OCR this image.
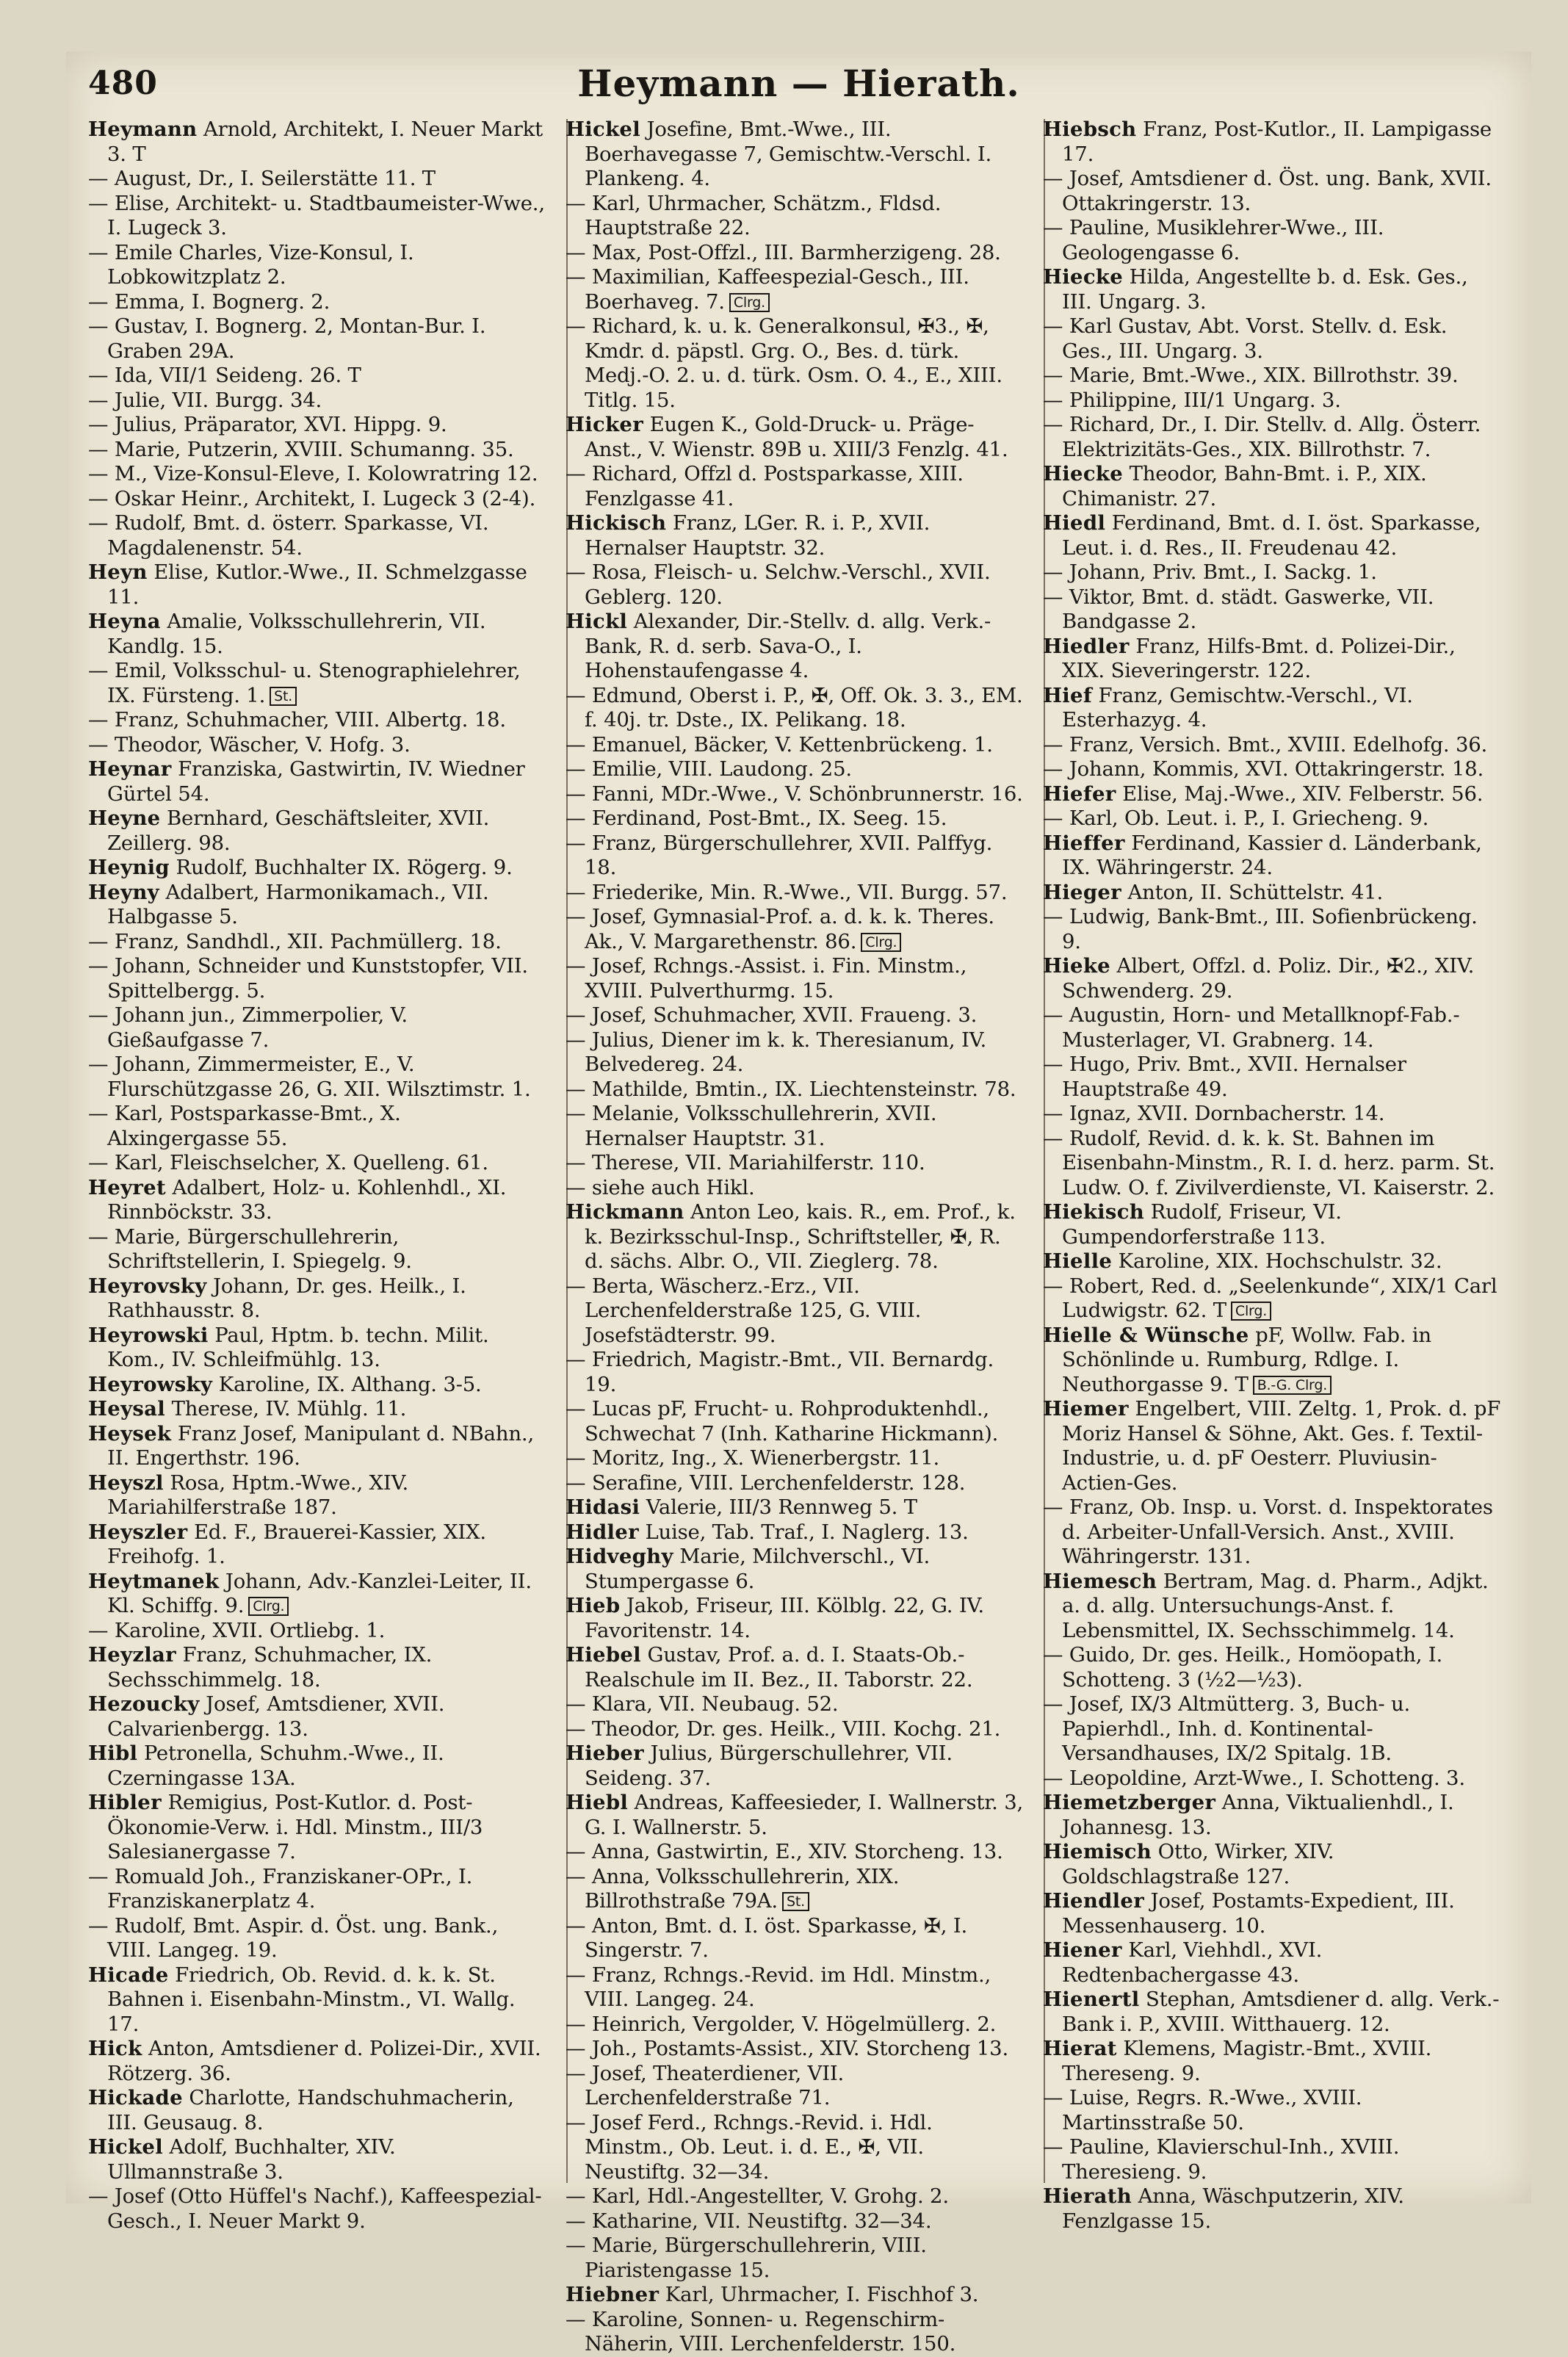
480	Heymann — Hierath.
Heymann Arnold, Architekt, I. Neuer Markt 3. T
— August, Dr., I. Seilerstätte 11. T
— Elise, Architekt- u. Stadtbaumeister-Wwe., I. Lugeck 3.
— Emile Charles, Vize-Konsul, I. Lobkowitzplatz 2.
— Emma, I. Bognerg. 2.
— Gustav, I. Bognerg. 2, Montan-Bur. I. Graben 29A.
— Ida, VII/1 Seideng. 26. T
— Julie, VII. Burgg. 34.
— Julius, Präparator, XVI. Hippg. 9.
— Marie, Putzerin, XVIII. Schumanng. 35.
— M., Vize-Konsul-Eleve, I. Kolowratring 12.
— Oskar Heinr., Architekt, I. Lugeck 3 (2-4).
— Rudolf, Bmt. d. österr. Sparkasse, VI. Magdalenenstr. 54.
Heyn Elise, Kutlor.-Wwe., II. Schmelzgasse 11.
Heyna Amalie, Volksschullehrerin, VII. Kandlg. 15.
— Emil, Volksschul- u. Stenographielehrer, IX. Fürsteng. 1. St.
— Franz, Schuhmacher, VIII. Albertg. 18.
— Theodor, Wäscher, V. Hofg. 3.
Heynar Franziska, Gastwirtin, IV. Wiedner Gürtel 54.
Heyne Bernhard, Geschäftsleiter, XVII. Zeillerg. 98.
Heynig Rudolf, Buchhalter IX. Rögerg. 9.
Heyny Adalbert, Harmonikamach., VII. Halbgasse 5.
— Franz, Sandhdl., XII. Pachmüllerg. 18.
— Johann, Schneider und Kunststopfer, VII. Spittelbergg. 5.
— Johann jun., Zimmerpolier, V. Gießaufgasse 7.
— Johann, Zimmermeister, E., V. Flurschützgasse 26, G. XII. Wilsztimstr. 1.
— Karl, Postsparkasse-Bmt., X. Alxingergasse 55.
— Karl, Fleischselcher, X. Quelleng. 61.
Heyret Adalbert, Holz- u. Kohlenhdl., XI. Rinnböckstr. 33.
— Marie, Bürgerschullehrerin, Schriftstellerin, I. Spiegelg. 9.
Heyrovsky Johann, Dr. ges. Heilk., I. Rathhausstr. 8.
Heyrowski Paul, Hptm. b. techn. Milit. Kom., IV. Schleifmühlg. 13.
Heyrowsky Karoline, IX. Althang. 3-5.
Heysal Therese, IV. Mühlg. 11.
Heysek Franz Josef, Manipulant d. NBahn., II. Engerthstr. 196.
Heyszl Rosa, Hptm.-Wwe., XIV. Mariahilferstraße 187.
Heyszler Ed. F., Brauerei-Kassier, XIX. Freihofg. 1.
Heytmanek Johann, Adv.-Kanzlei-Leiter, II. Kl. Schiffg. 9. Clrg.
— Karoline, XVII. Ortliebg. 1.
Heyzlar Franz, Schuhmacher, IX. Sechsschimmelg. 18.
Hezoucky Josef, Amtsdiener, XVII. Calvarienbergg. 13.
Hibl Petronella, Schuhm.-Wwe., II. Czerningasse 13A.
Hibler Remigius, Post-Kutlor. d. Post-Ökonomie-Verw. i. Hdl. Minstm., III/3 Salesianergasse 7.
— Romuald Joh., Franziskaner-OPr., I. Franziskanerplatz 4.
— Rudolf, Bmt. Aspir. d. Öst. ung. Bank., VIII. Langeg. 19.
Hicade Friedrich, Ob. Revid. d. k. k. St. Bahnen i. Eisenbahn-Minstm., VI. Wallg. 17.
Hick Anton, Amtsdiener d. Polizei-Dir., XVII. Rötzerg. 36.
Hickade Charlotte, Handschuhmacherin, III. Geusaug. 8.
Hickel Adolf, Buchhalter, XIV. Ullmannstraße 3.
— Josef (Otto Hüffel's Nachf.), Kaffeespezial-Gesch., I. Neuer Markt 9.
Hickel Josefine, Bmt.-Wwe., III. Boerhavegasse 7, Gemischtw.-Verschl. I. Plankeng. 4.
— Karl, Uhrmacher, Schätzm., Fldsd. Hauptstraße 22.
— Max, Post-Offzl., III. Barmherzigeng. 28.
— Maximilian, Kaffeespezial-Gesch., III. Boerhaveg. 7. Clrg.
— Richard, k. u. k. Generalkonsul, ✠3., ✠, Kmdr. d. päpstl. Grg. O., Bes. d. türk. Medj.-O. 2. u. d. türk. Osm. O. 4., E., XIII. Titlg. 15.
Hicker Eugen K., Gold-Druck- u. Präge-Anst., V. Wienstr. 89B u. XIII/3 Fenzlg. 41.
— Richard, Offzl d. Postsparkasse, XIII. Fenzlgasse 41.
Hickisch Franz, LGer. R. i. P., XVII. Hernalser Hauptstr. 32.
— Rosa, Fleisch- u. Selchw.-Verschl., XVII. Geblerg. 120.
Hickl Alexander, Dir.-Stellv. d. allg. Verk.-Bank, R. d. serb. Sava-O., I. Hohenstaufengasse 4.
— Edmund, Oberst i. P., ✠, Off. Ok. 3. 3., EM. f. 40j. tr. Dste., IX. Pelikang. 18.
— Emanuel, Bäcker, V. Kettenbrückeng. 1.
— Emilie, VIII. Laudong. 25.
— Fanni, MDr.-Wwe., V. Schönbrunnerstr. 16.
— Ferdinand, Post-Bmt., IX. Seeg. 15.
— Franz, Bürgerschullehrer, XVII. Palffyg. 18.
— Friederike, Min. R.-Wwe., VII. Burgg. 57.
— Josef, Gymnasial-Prof. a. d. k. k. Theres. Ak., V. Margarethenstr. 86. Clrg.
— Josef, Rchngs.-Assist. i. Fin. Minstm., XVIII. Pulverthurmg. 15.
— Josef, Schuhmacher, XVII. Fraueng. 3.
— Julius, Diener im k. k. Theresianum, IV. Belvedereg. 24.
— Mathilde, Bmtin., IX. Liechtensteinstr. 78.
— Melanie, Volksschullehrerin, XVII. Hernalser Hauptstr. 31.
— Therese, VII. Mariahilferstr. 110.
— siehe auch Hikl.
Hickmann Anton Leo, kais. R., em. Prof., k. k. Bezirksschul-Insp., Schriftsteller, ✠, R. d. sächs. Albr. O., VII. Zieglerg. 78.
— Berta, Wäscherz.-Erz., VII. Lerchenfelderstraße 125, G. VIII. Josefstädterstr. 99.
— Friedrich, Magistr.-Bmt., VII. Bernardg. 19.
— Lucas pF, Frucht- u. Rohproduktenhdl., Schwechat 7 (Inh. Katharine Hickmann).
— Moritz, Ing., X. Wienerbergstr. 11.
— Serafine, VIII. Lerchenfelderstr. 128.
Hidasi Valerie, III/3 Rennweg 5. T
Hidler Luise, Tab. Traf., I. Naglerg. 13.
Hidveghy Marie, Milchverschl., VI. Stumpergasse 6.
Hieb Jakob, Friseur, III. Kölblg. 22, G. IV. Favoritenstr. 14.
Hiebel Gustav, Prof. a. d. I. Staats-Ob.-Realschule im II. Bez., II. Taborstr. 22.
— Klara, VII. Neubaug. 52.
— Theodor, Dr. ges. Heilk., VIII. Kochg. 21.
Hieber Julius, Bürgerschullehrer, VII. Seideng. 37.
Hiebl Andreas, Kaffeesieder, I. Wallnerstr. 3, G. I. Wallnerstr. 5.
— Anna, Gastwirtin, E., XIV. Storcheng. 13.
— Anna, Volksschullehrerin, XIX. Billrothstraße 79A. St.
— Anton, Bmt. d. I. öst. Sparkasse, ✠, I. Singerstr. 7.
— Franz, Rchngs.-Revid. im Hdl. Minstm., VIII. Langeg. 24.
— Heinrich, Vergolder, V. Högelmüllerg. 2.
— Joh., Postamts-Assist., XIV. Storcheng 13.
— Josef, Theaterdiener, VII. Lerchenfelderstraße 71.
— Josef Ferd., Rchngs.-Revid. i. Hdl. Minstm., Ob. Leut. i. d. E., ✠, VII. Neustiftg. 32—34.
— Karl, Hdl.-Angestellter, V. Grohg. 2.
— Katharine, VII. Neustiftg. 32—34.
— Marie, Bürgerschullehrerin, VIII. Piaristengasse 15.
Hiebner Karl, Uhrmacher, I. Fischhof 3.
— Karoline, Sonnen- u. Regenschirm-Näherin, VIII. Lerchenfelderstr. 150.
Hiebsch Franz, Post-Kutlor., II. Lampigasse 17.
— Josef, Amtsdiener d. Öst. ung. Bank, XVII. Ottakringerstr. 13.
— Pauline, Musiklehrer-Wwe., III. Geologengasse 6.
Hiecke Hilda, Angestellte b. d. Esk. Ges., III. Ungarg. 3.
— Karl Gustav, Abt. Vorst. Stellv. d. Esk. Ges., III. Ungarg. 3.
— Marie, Bmt.-Wwe., XIX. Billrothstr. 39.
— Philippine, III/1 Ungarg. 3.
— Richard, Dr., I. Dir. Stellv. d. Allg. Österr. Elektrizitäts-Ges., XIX. Billrothstr. 7.
Hiecke Theodor, Bahn-Bmt. i. P., XIX. Chimanistr. 27.
Hiedl Ferdinand, Bmt. d. I. öst. Sparkasse, Leut. i. d. Res., II. Freudenau 42.
— Johann, Priv. Bmt., I. Sackg. 1.
— Viktor, Bmt. d. städt. Gaswerke, VII. Bandgasse 2.
Hiedler Franz, Hilfs-Bmt. d. Polizei-Dir., XIX. Sieveringerstr. 122.
Hief Franz, Gemischtw.-Verschl., VI. Esterhazyg. 4.
— Franz, Versich. Bmt., XVIII. Edelhofg. 36.
— Johann, Kommis, XVI. Ottakringerstr. 18.
Hiefer Elise, Maj.-Wwe., XIV. Felberstr. 56.
— Karl, Ob. Leut. i. P., I. Griecheng. 9.
Hieffer Ferdinand, Kassier d. Länderbank, IX. Währingerstr. 24.
Hieger Anton, II. Schüttelstr. 41.
— Ludwig, Bank-Bmt., III. Sofienbrückeng. 9.
Hieke Albert, Offzl. d. Poliz. Dir., ✠2., XIV. Schwenderg. 29.
— Augustin, Horn- und Metallknopf-Fab.-Musterlager, VI. Grabnerg. 14.
— Hugo, Priv. Bmt., XVII. Hernalser Hauptstraße 49.
— Ignaz, XVII. Dornbacherstr. 14.
— Rudolf, Revid. d. k. k. St. Bahnen im Eisenbahn-Minstm., R. I. d. herz. parm. St. Ludw. O. f. Zivilverdienste, VI. Kaiserstr. 2.
Hiekisch Rudolf, Friseur, VI. Gumpendorferstraße 113.
Hielle Karoline, XIX. Hochschulstr. 32.
— Robert, Red. d. „Seelenkunde“, XIX/1 Carl Ludwigstr. 62. T Clrg.
Hielle & Wünsche pF, Wollw. Fab. in Schönlinde u. Rumburg, Rdlge. I. Neuthorgasse 9. T B.-G. Clrg.
Hiemer Engelbert, VIII. Zeltg. 1, Prok. d. pF Moriz Hansel & Söhne, Akt. Ges. f. Textil-Industrie, u. d. pF Oesterr. Pluviusin-Actien-Ges.
— Franz, Ob. Insp. u. Vorst. d. Inspektorates d. Arbeiter-Unfall-Versich. Anst., XVIII. Währingerstr. 131.
Hiemesch Bertram, Mag. d. Pharm., Adjkt. a. d. allg. Untersuchungs-Anst. f. Lebensmittel, IX. Sechsschimmelg. 14.
— Guido, Dr. ges. Heilk., Homöopath, I. Schotteng. 3 (½2—½3).
— Josef, IX/3 Altmütterg. 3, Buch- u. Papierhdl., Inh. d. Kontinental-Versandhauses, IX/2 Spitalg. 1B.
— Leopoldine, Arzt-Wwe., I. Schotteng. 3.
Hiemetzberger Anna, Viktualienhdl., I. Johannesg. 13.
Hiemisch Otto, Wirker, XIV. Goldschlagstraße 127.
Hiendler Josef, Postamts-Expedient, III. Messenhauserg. 10.
Hiener Karl, Viehhdl., XVI. Redtenbachergasse 43.
Hienertl Stephan, Amtsdiener d. allg. Verk.-Bank i. P., XVIII. Witthauerg. 12.
Hierat Klemens, Magistr.-Bmt., XVIII. Thereseng. 9.
— Luise, Regrs. R.-Wwe., XVIII. Martinsstraße 50.
— Pauline, Klavierschul-Inh., XVIII. Theresieng. 9.
Hierath Anna, Wäschputzerin, XIV. Fenzlgasse 15.
